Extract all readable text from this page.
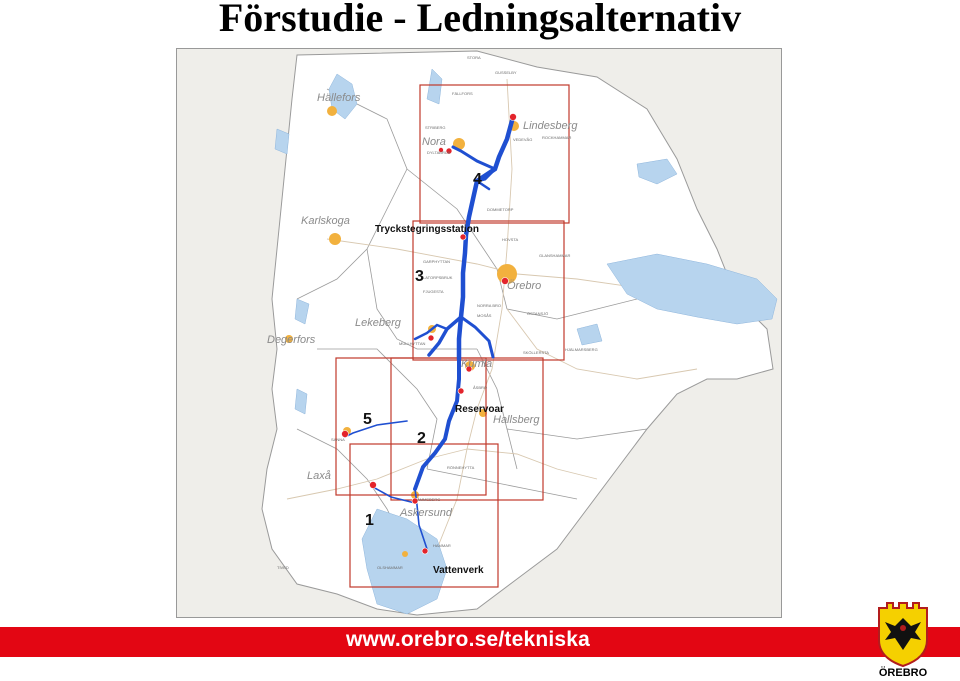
Förstudie - Ledningsalternativ
Hällefors
Nora
Lindesberg
Karlskoga
Örebro
Lekeberg
Degerfors
Kumla
Hallsberg
Laxå
Askersund
Tryckstegringsstation
Reservoar
Vattenverk
1
2
3
4
5
STORA
GUSSELBY
FÄLLFORS
STRIBERG
VEDEVÅG ROCKHAMMAR
DYLTABRUK
DOMMETORP
HOVSTA
GLANSHAMMAR
GARPHYTTAN
LATORPSBRUK
FJUGESTA
MULLHYTTAN
NORRA BRO
MOSÅS	ÖSTANSJÖ
ÅSBRO
SKÖLLERSTA
HJÄLMARSBERG
RÖNNEHYTTA
OLSHAMMAR
HAMMAR
TIVED
SANNA
ÅMMEBERG
www.orebro.se/tekniska
ÖREBRO
